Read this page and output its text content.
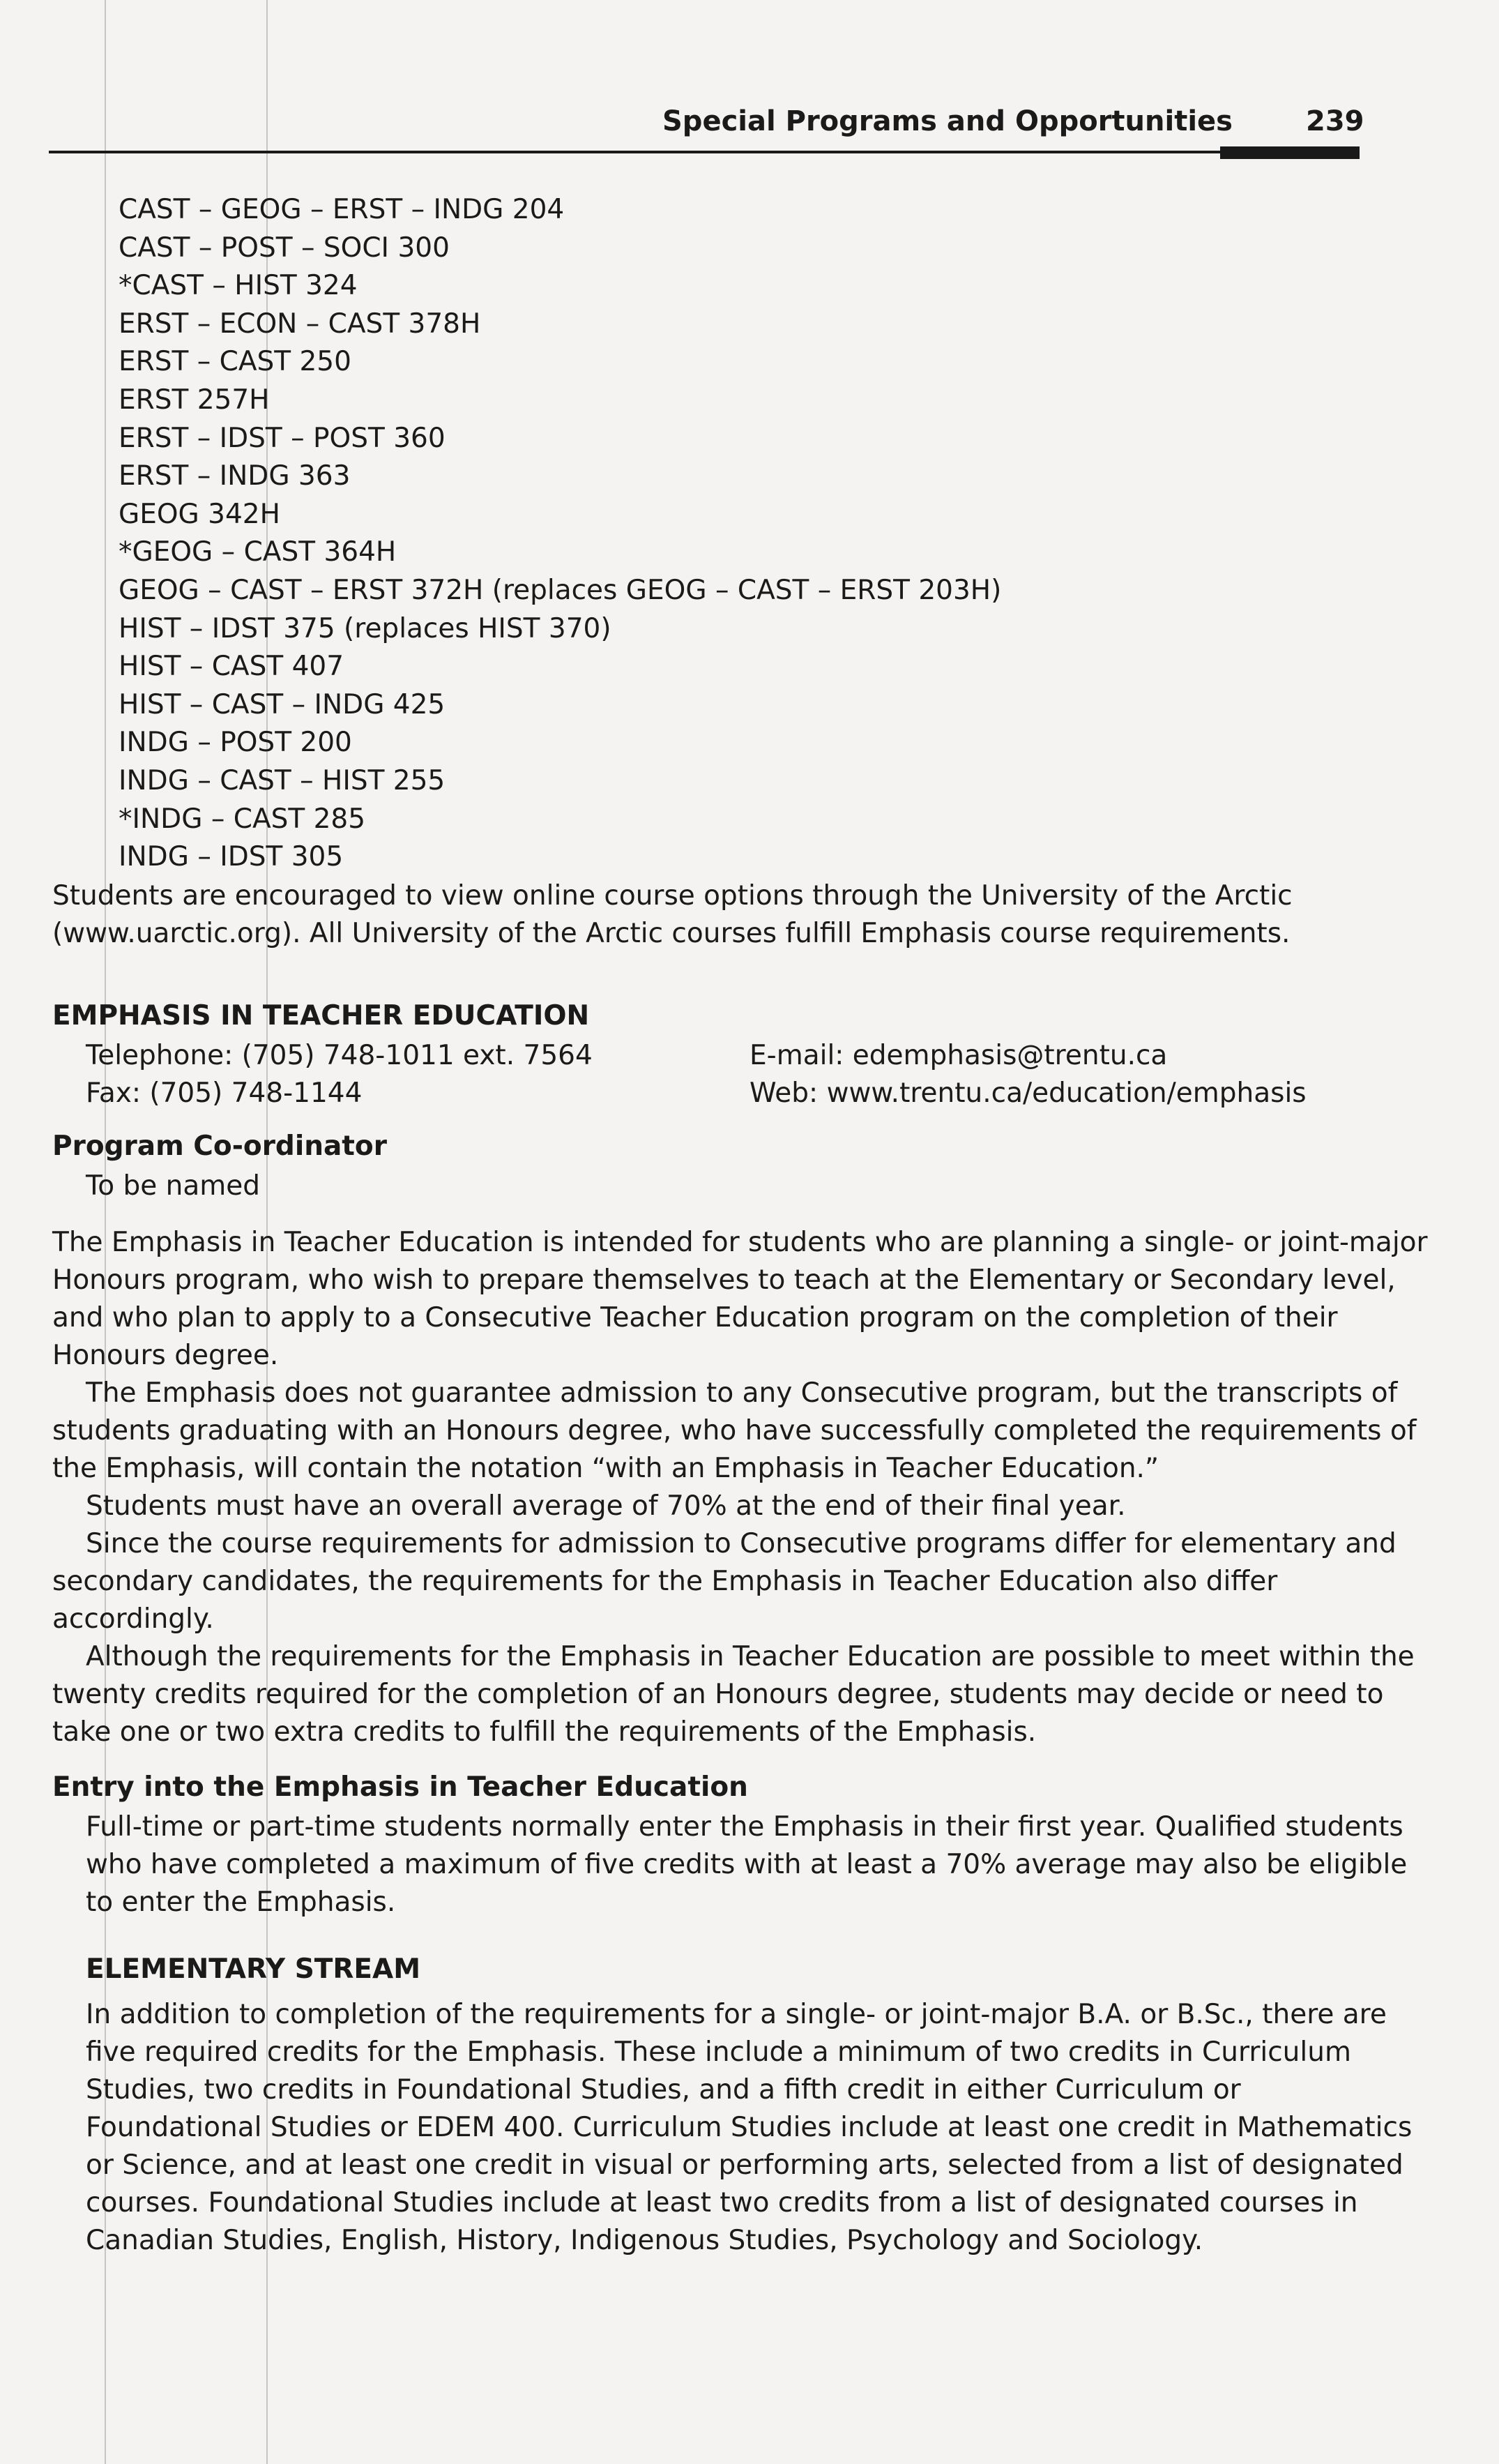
Special Programs and Opportunities	239
CAST – GEOG – ERST – INDG 204
CAST – POST – SOCI 300
*CAST – HIST 324
ERST – ECON – CAST 378H
ERST – CAST 250
ERST 257H
ERST – IDST – POST 360
ERST – INDG 363
GEOG 342H
*GEOG – CAST 364H
GEOG – CAST – ERST 372H (replaces GEOG – CAST – ERST 203H)
HIST – IDST 375 (replaces HIST 370)
HIST – CAST 407
HIST – CAST – INDG 425
INDG – POST 200
INDG – CAST – HIST 255
*INDG – CAST 285
INDG – IDST 305
Students are encouraged to view online course options through the University of the Arctic
(www.uarctic.org). All University of the Arctic courses fulfill Emphasis course requirements.
EMPHASIS IN TEACHER EDUCATION
Telephone: (705) 748-1011 ext. 7564
Fax: (705) 748-1144
E-mail: edemphasis@trentu.ca
Web: www.trentu.ca/education/emphasis
Program Co-ordinator
To be named
The Emphasis in Teacher Education is intended for students who are planning a single- or joint-major
Honours program, who wish to prepare themselves to teach at the Elementary or Secondary level,
and who plan to apply to a Consecutive Teacher Education program on the completion of their
Honours degree.
The Emphasis does not guarantee admission to any Consecutive program, but the transcripts of
students graduating with an Honours degree, who have successfully completed the requirements of
the Emphasis, will contain the notation “with an Emphasis in Teacher Education.”
Students must have an overall average of 70% at the end of their final year.
Since the course requirements for admission to Consecutive programs differ for elementary and
secondary candidates, the requirements for the Emphasis in Teacher Education also differ
accordingly.
Although the requirements for the Emphasis in Teacher Education are possible to meet within the
twenty credits required for the completion of an Honours degree, students may decide or need to
take one or two extra credits to fulfill the requirements of the Emphasis.
Entry into the Emphasis in Teacher Education
Full-time or part-time students normally enter the Emphasis in their first year. Qualified students
who have completed a maximum of five credits with at least a 70% average may also be eligible
to enter the Emphasis.
ELEMENTARY STREAM
In addition to completion of the requirements for a single- or joint-major B.A. or B.Sc., there are
five required credits for the Emphasis. These include a minimum of two credits in Curriculum
Studies, two credits in Foundational Studies, and a fifth credit in either Curriculum or
Foundational Studies or EDEM 400. Curriculum Studies include at least one credit in Mathematics
or Science, and at least one credit in visual or performing arts, selected from a list of designated
courses. Foundational Studies include at least two credits from a list of designated courses in
Canadian Studies, English, History, Indigenous Studies, Psychology and Sociology.
